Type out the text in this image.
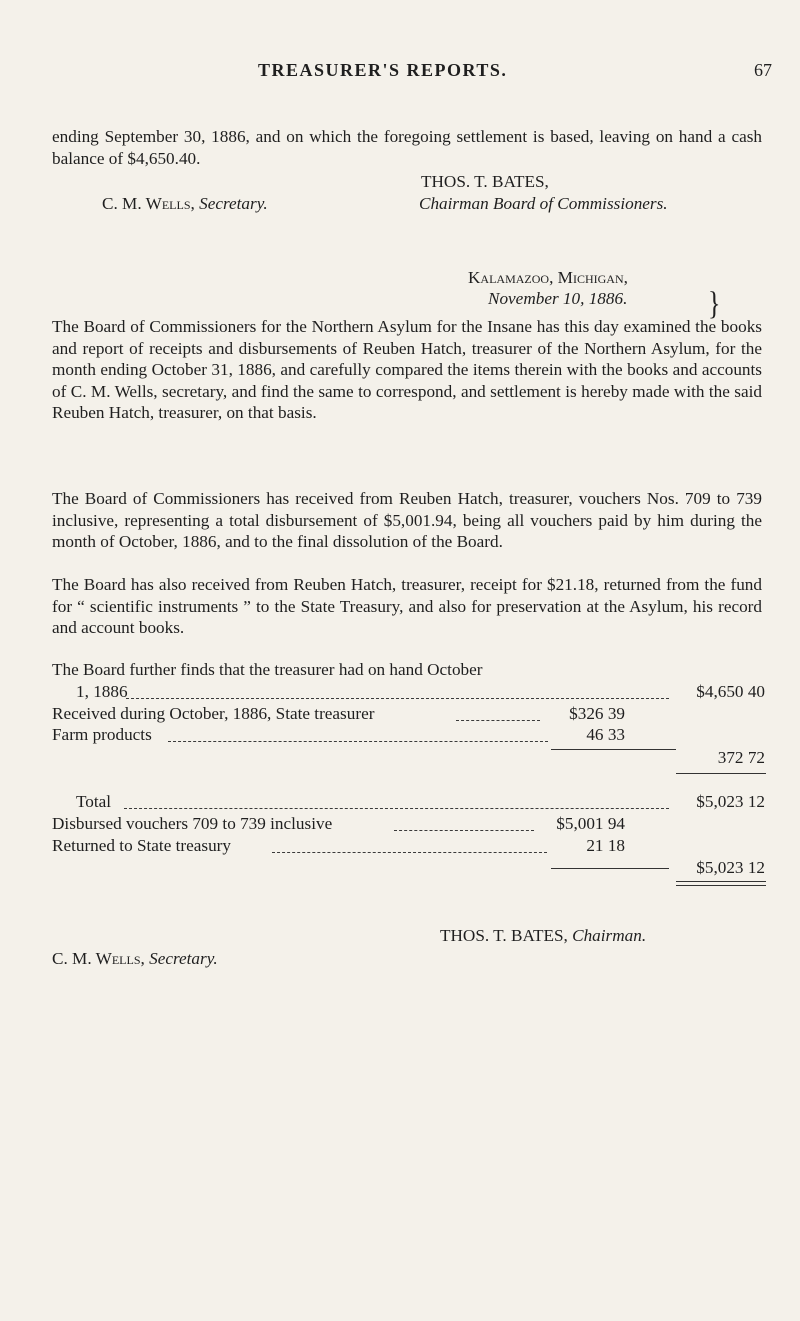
TREASURER'S REPORTS.	67
ending September 30, 1886, and on which the foregoing settlement is based, leaving on hand a cash balance of $4,650.40.
THOS. T. BATES,
C. M. Wells, Secretary.	Chairman Board of Commissioners.
Kalamazoo, Michigan,
November 10, 1886.	}
The Board of Commissioners for the Northern Asylum for the Insane has this day examined the books and report of receipts and disbursements of Reuben Hatch, treasurer of the Northern Asylum, for the month ending October 31, 1886, and carefully compared the items therein with the books and accounts of C. M. Wells, secretary, and find the same to correspond, and settlement is hereby made with the said Reuben Hatch, treasurer, on that basis.
The Board of Commissioners has received from Reuben Hatch, treasurer, vouchers Nos. 709 to 739 inclusive, representing a total disbursement of $5,001.94, being all vouchers paid by him during the month of October, 1886, and to the final dissolution of the Board.
The Board has also received from Reuben Hatch, treasurer, receipt for $21.18, returned from the fund for “ scientific instruments ” to the State Treasury, and also for preservation at the Asylum, his record and account books.
The Board further finds that the treasurer had on hand October
1, 1886	$4,650 40
Received during October, 1886, State treasurer	$326 39
Farm products	46 33
372 72
Total	$5,023 12
Disbursed vouchers 709 to 739 inclusive	$5,001 94
Returned to State treasury	21 18
$5,023 12
THOS. T. BATES, Chairman.
C. M. Wells, Secretary.
